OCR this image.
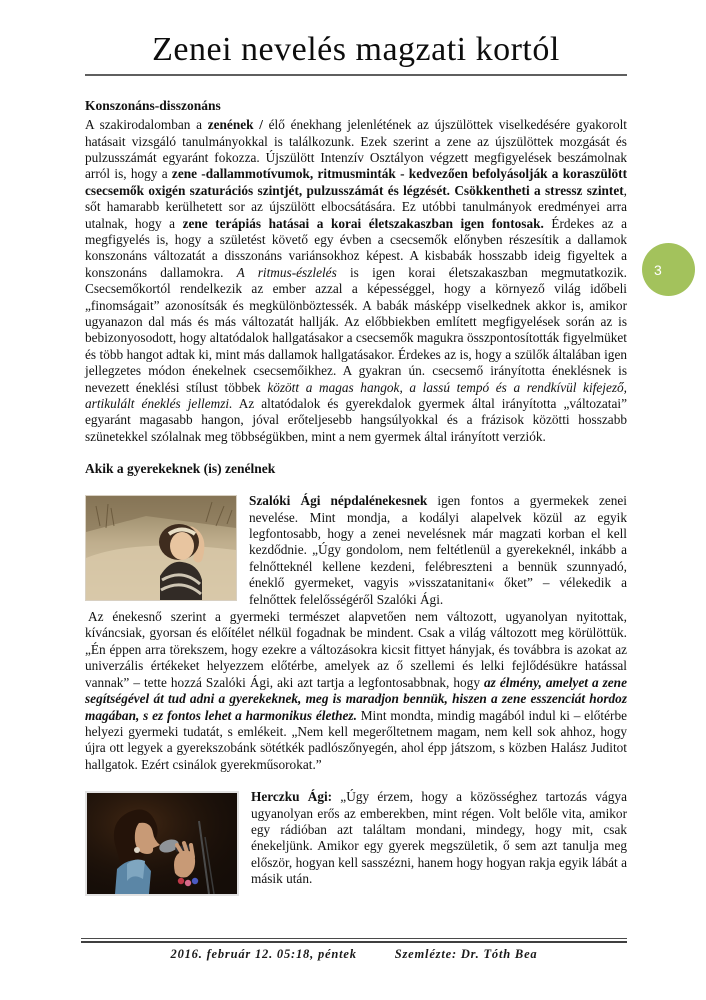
Zenei nevelés magzati kortól
Konszonáns-disszonáns

A szakirodalomban a zenének / élő énekhang jelenlétének az újszülöttek viselkedésére gyakorolt hatásait vizsgáló tanulmányokkal is találkozunk. Ezek szerint a zene az újszülöttek mozgását és pulzusszámát egyaránt fokozza. Újszülött Intenzív Osztályon végzett megfigyelések beszámolnak arról is, hogy a zene -dallammotívumok, ritmusminták - kedvezően befolyásolják a koraszülött csecsemők oxigén szaturációs szintjét, pulzusszámát és légzését. Csökkentheti a stressz szintet, sőt hamarabb kerülhetett sor az újszülött elbocsátására. Ez utóbbi tanulmányok eredményei arra utalnak, hogy a zene terápiás hatásai a korai életszakaszban igen fontosak. Érdekes az a megfigyelés is, hogy a születést követő egy évben a csecsemők előnyben részesítik a dallamok konszonáns változatát a disszonáns variánsokhoz képest. A kisbabák hosszabb ideig figyeltek a konszonáns dallamokra. A ritmus-észlelés is igen korai életszakaszban megmutatkozik. Csecsemőkortól rendelkezik az ember azzal a képességgel, hogy a környező világ időbeli „finomságait” azonosítsák és megkülönböztessék. A babák másképp viselkednek akkor is, amikor ugyanazon dal más és más változatát hallják. Az előbbiekben említett megfigyelések során az is bebizonyosodott, hogy altatódalok hallgatásakor a csecsemők magukra összpontosították figyelmüket és több hangot adtak ki, mint más dallamok hallgatásakor. Érdekes az is, hogy a szülők általában igen jellegzetes módon énekelnek csecsemőikhez. A gyakran ún. csecsemő irányította éneklésnek is nevezett éneklési stílust többek között a magas hangok, a lassú tempó és a rendkívül kifejező, artikulált éneklés jellemzi. Az altatódalok és gyerekdalok gyermek által irányította „változatai” egyaránt magasabb hangon, jóval erőteljesebb hangsúlyokkal és a frázisok közötti hosszabb szünetekkel szólalnak meg többségükben, mint a nem gyermek által irányított verziók.

Akik a gyerekeknek (is) zenélnek

Szalóki Ági népdalénekesnek igen fontos a gyermekek zenei nevelése. Mint mondja, a kodályi alapelvek közül az egyik legfontosabb, hogy a zenei nevelésnek már magzati korban el kell kezdődnie. „Úgy gondolom, nem feltétlenül a gyerekeknél, inkább a felnőtteknél kellene kezdeni, felébreszteni a bennük szunnyadó, éneklő gyermeket, vagyis »visszatanitani« őket” – vélekedik a felnőttek felelősségéről Szalóki Ági.

Az énekesnő szerint a gyermeki természet alapvetően nem változott, ugyanolyan nyitottak, kíváncsiak, gyorsan és előítélet nélkül fogadnak be mindent. Csak a világ változott meg körülöttük. „Én éppen arra törekszem, hogy ezekre a változásokra kicsit fittyet hányjak, és továbbra is azokat az univerzális értékeket helyezzem előtérbe, amelyek az ő szellemi és lelki fejlődésükre hatással vannak” – tette hozzá Szalóki Ági, aki azt tartja a legfontosabbnak, hogy az élmény, amelyet a zene segítségével át tud adni a gyerekeknek, meg is maradjon bennük, hiszen a zene esszenciát hordoz magában, s ez fontos lehet a harmonikus élethez. Mint mondta, mindig magából indul ki – előtérbe helyezi gyermeki tudatát, s emlékeit. „Nem kell megerőltetnem magam, nem kell sok ahhoz, hogy újra ott legyek a gyerekszobánk sötétkék padlószőnyegén, ahol épp játszom, s közben Halász Juditot hallgatok. Ezért csinálok gyerekműsorokat.”

Herczku Ági: „Úgy érzem, hogy a közösséghez tartozás vágya ugyanolyan erős az emberekben, mint régen. Volt belőle vita, amikor egy rádióban azt találtam mondani, mindegy, hogy mit, csak énekeljünk. Amikor egy gyerek megszületik, ő sem azt tanulja meg először, hogyan kell sasszézni, hanem hogy hogyan rakja egyik lábát a másik után.

3
2016. február 12. 05:18, péntek	Szemlézte: Dr. Tóth Bea
